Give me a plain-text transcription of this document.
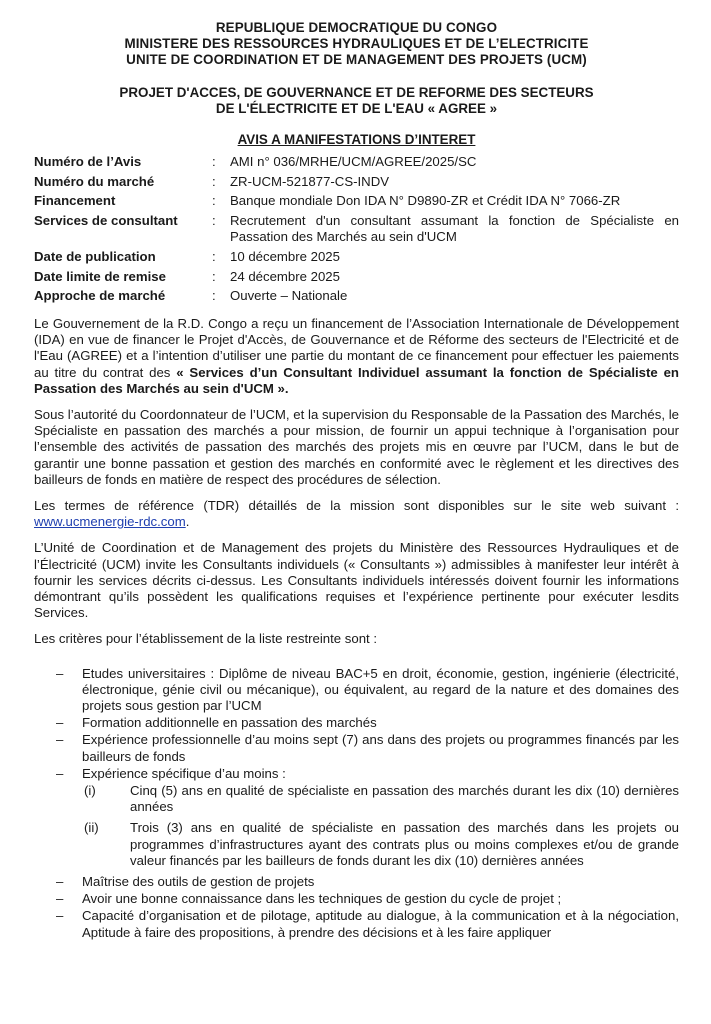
REPUBLIQUE DEMOCRATIQUE DU CONGO
MINISTERE DES RESSOURCES HYDRAULIQUES ET DE L’ELECTRICITE
UNITE DE COORDINATION ET DE MANAGEMENT DES PROJETS (UCM)
PROJET D'ACCES, DE GOUVERNANCE ET DE REFORME DES SECTEURS
DE L'ÉLECTRICITE ET DE L'EAU « AGREE »
AVIS A MANIFESTATIONS D’INTERET
Numéro de l’Avis	:	AMI n° 036/MRHE/UCM/AGREE/2025/SC
Numéro du marché	:	ZR-UCM-521877-CS-INDV
Financement	:	Banque mondiale Don IDA N° D9890-ZR et Crédit IDA N° 7066-ZR
Services de consultant	:	Recrutement d'un consultant assumant la fonction de Spécialiste en Passation des Marchés au sein d'UCM
Date de publication	:	10 décembre 2025
Date limite de remise	:	24 décembre 2025
Approche de marché	:	Ouverte – Nationale

Le Gouvernement de la R.D. Congo a reçu un financement de l’Association Internationale de Développement (IDA) en vue de financer le Projet d'Accès, de Gouvernance et de Réforme des secteurs de l'Electricité et de l'Eau (AGREE) et a l’intention d’utiliser une partie du montant de ce financement pour effectuer les paiements au titre du contrat des « Services d’un Consultant Individuel assumant la fonction de Spécialiste en Passation des Marchés au sein d'UCM ».

Sous l’autorité du Coordonnateur de l’UCM, et la supervision du Responsable de la Passation des Marchés, le Spécialiste en passation des marchés a pour mission, de fournir un appui technique à l’organisation pour l’ensemble des activités de passation des marchés des projets mis en œuvre par l’UCM, dans le but de garantir une bonne passation et gestion des marchés en conformité avec le règlement et les directives des bailleurs de fonds en matière de respect des procédures de sélection.

Les termes de référence (TDR) détaillés de la mission sont disponibles sur le site web suivant : www.ucmenergie-rdc.com.

L’Unité de Coordination et de Management des projets du Ministère des Ressources Hydrauliques et de l’Électricité (UCM) invite les Consultants individuels (« Consultants ») admissibles à manifester leur intérêt à fournir les services décrits ci-dessus. Les Consultants individuels intéressés doivent fournir les informations démontrant qu’ils possèdent les qualifications requises et l’expérience pertinente pour exécuter lesdits Services.

Les critères pour l’établissement de la liste restreinte sont :

– Etudes universitaires : Diplôme de niveau BAC+5 en droit, économie, gestion, ingénierie (électricité, électronique, génie civil ou mécanique), ou équivalent, au regard de la nature et des domaines des projets sous gestion par l’UCM
– Formation additionnelle en passation des marchés
– Expérience professionnelle d’au moins sept (7) ans dans des projets ou programmes financés par les bailleurs de fonds
– Expérience spécifique d’au moins :
(i)	Cinq (5) ans en qualité de spécialiste en passation des marchés durant les dix (10) dernières années
(ii) Trois (3) ans en qualité de spécialiste en passation des marchés dans les projets ou programmes d’infrastructures ayant des contrats plus ou moins complexes et/ou de grande valeur financés par les bailleurs de fonds durant les dix (10) dernières années
– Maîtrise des outils de gestion de projets
– Avoir une bonne connaissance dans les techniques de gestion du cycle de projet ;
– Capacité d’organisation et de pilotage, aptitude au dialogue, à la communication et à la négociation, Aptitude à faire des propositions, à prendre des décisions et à les faire appliquer
